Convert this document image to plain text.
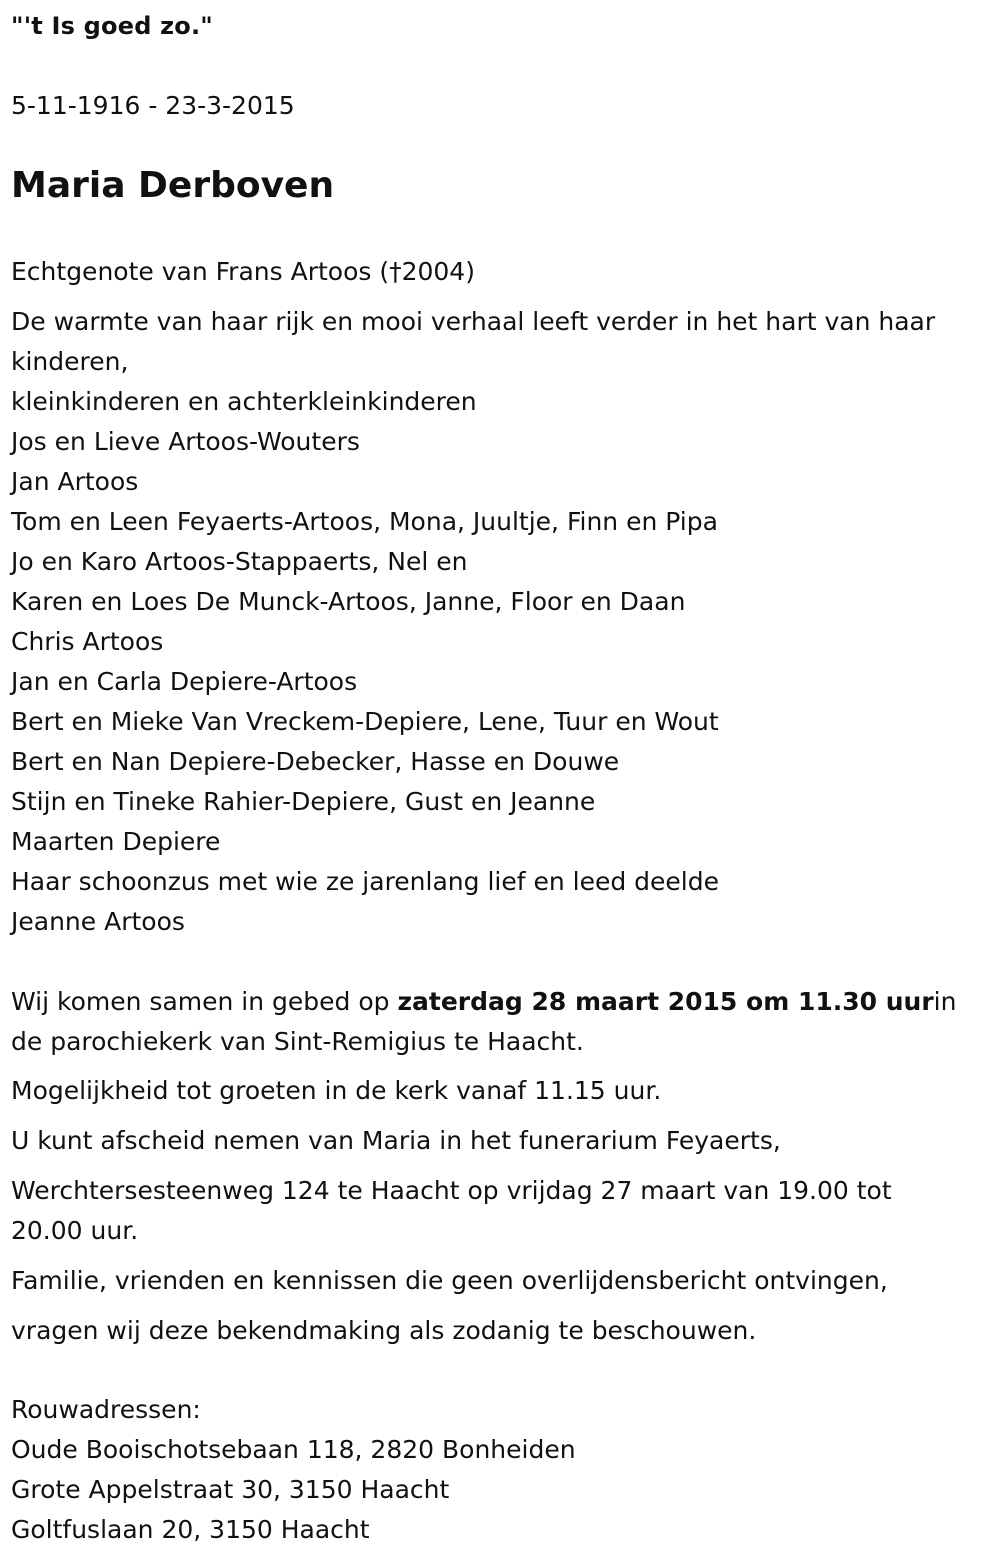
"'t Is goed zo."
5-11-1916 - 23-3-2015
Maria Derboven
Echtgenote van Frans Artoos (†2004)
De warmte van haar rijk en mooi verhaal leeft verder in het hart van haar kinderen,
kleinkinderen en achterkleinkinderen
Jos en Lieve Artoos-Wouters
Jan Artoos
Tom en Leen Feyaerts-Artoos, Mona, Juultje, Finn en Pipa
Jo en Karo Artoos-Stappaerts, Nel en
Karen en Loes De Munck-Artoos, Janne, Floor en Daan
Chris Artoos
Jan en Carla Depiere-Artoos
Bert en Mieke Van Vreckem-Depiere, Lene, Tuur en Wout
Bert en Nan Depiere-Debecker, Hasse en Douwe
Stijn en Tineke Rahier-Depiere, Gust en Jeanne
Maarten Depiere
Haar schoonzus met wie ze jarenlang lief en leed deelde
Jeanne Artoos
Wij komen samen in gebed op zaterdag 28 maart 2015 om 11.30 uurin de parochiekerk van Sint-Remigius te Haacht.
Mogelijkheid tot groeten in de kerk vanaf 11.15 uur.
U kunt afscheid nemen van Maria in het funerarium Feyaerts,
Werchtersesteenweg 124 te Haacht op vrijdag 27 maart van 19.00 tot 20.00 uur.
Familie, vrienden en kennissen die geen overlijdensbericht ontvingen,
vragen wij deze bekendmaking als zodanig te beschouwen.
Rouwadressen:
Oude Booischotsebaan 118, 2820 Bonheiden
Grote Appelstraat 30, 3150 Haacht
Goltfuslaan 20, 3150 Haacht
